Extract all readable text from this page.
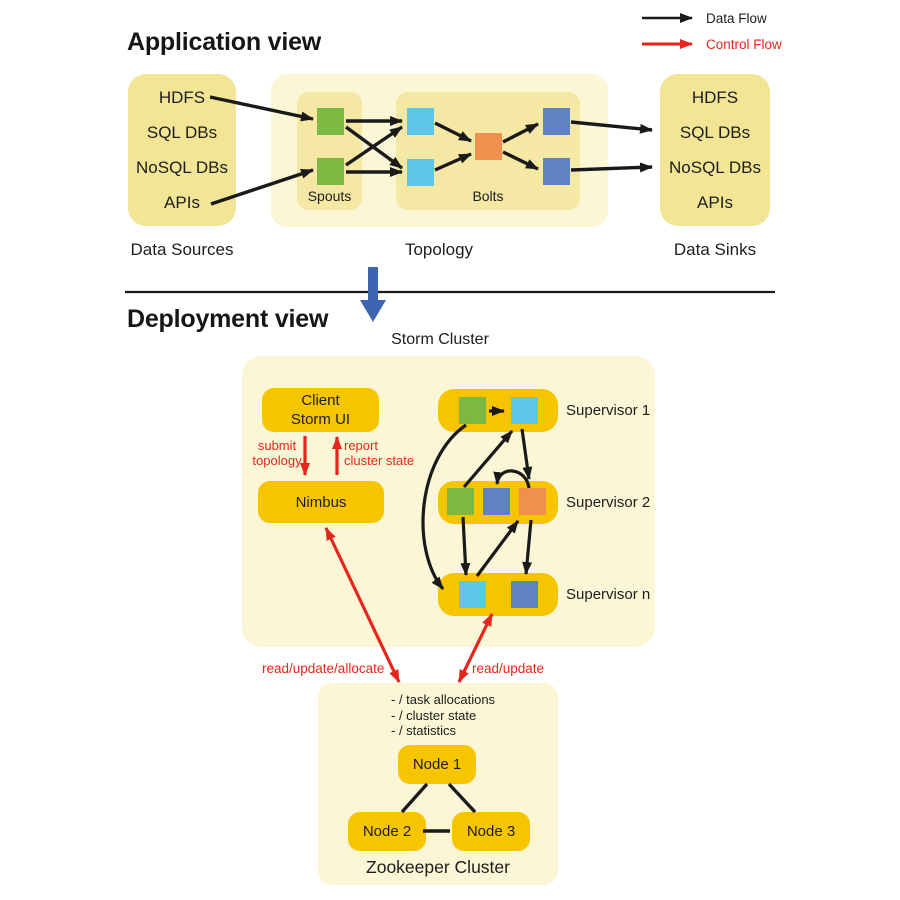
Data Flow
Control Flow
Application view
HDFS
SQL DBs
NoSQL DBs
APIs
Data Sources
Spouts	Bolts
Topology
HDFS
SQL DBs
NoSQL DBs
APIs
Data Sinks
Deployment view
Storm Cluster
Client
Storm UI
submit
topology
report
cluster state
Nimbus
Supervisor 1
Supervisor 2
Supervisor n
read/update/allocate	read/update
- / task allocations
- / cluster state
- / statistics
Node 1
Node 2	Node 3
Zookeeper Cluster
